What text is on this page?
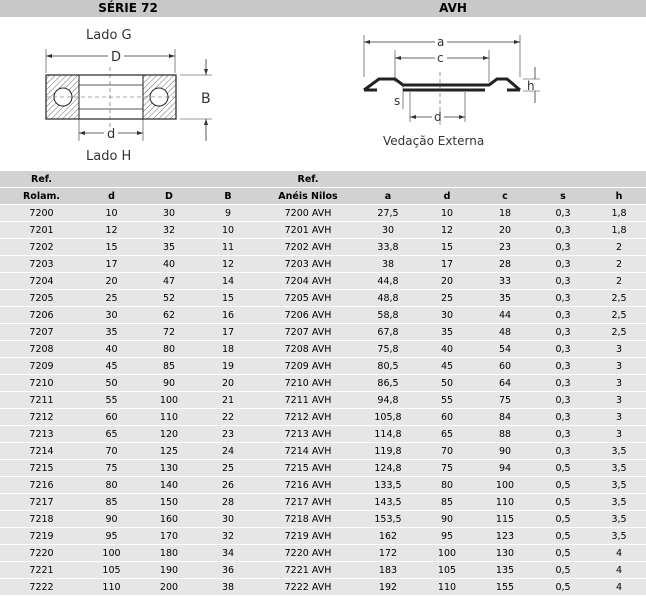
SÉRIE 72	AVH
Lado G
D
B
d
Lado H
a
c
h
s
d
Vedação Externa
Ref.				Ref.					
Rolam.	d	D	B	Anéis Nilos	a	d	c	s	h
7200	10	30	9	7200 AVH	27,5	10	18	0,3	1,8
7201	12	32	10	7201 AVH	30	12	20	0,3	1,8
7202	15	35	11	7202 AVH	33,8	15	23	0,3	2
7203	17	40	12	7203 AVH	38	17	28	0,3	2
7204	20	47	14	7204 AVH	44,8	20	33	0,3	2
7205	25	52	15	7205 AVH	48,8	25	35	0,3	2,5
7206	30	62	16	7206 AVH	58,8	30	44	0,3	2,5
7207	35	72	17	7207 AVH	67,8	35	48	0,3	2,5
7208	40	80	18	7208 AVH	75,8	40	54	0,3	3
7209	45	85	19	7209 AVH	80,5	45	60	0,3	3
7210	50	90	20	7210 AVH	86,5	50	64	0,3	3
7211	55	100	21	7211 AVH	94,8	55	75	0,3	3
7212	60	110	22	7212 AVH	105,8	60	84	0,3	3
7213	65	120	23	7213 AVH	114,8	65	88	0,3	3
7214	70	125	24	7214 AVH	119,8	70	90	0,3	3,5
7215	75	130	25	7215 AVH	124,8	75	94	0,5	3,5
7216	80	140	26	7216 AVH	133,5	80	100	0,5	3,5
7217	85	150	28	7217 AVH	143,5	85	110	0,5	3,5
7218	90	160	30	7218 AVH	153,5	90	115	0,5	3,5
7219	95	170	32	7219 AVH	162	95	123	0,5	3,5
7220	100	180	34	7220 AVH	172	100	130	0,5	4
7221	105	190	36	7221 AVH	183	105	135	0,5	4
7222	110	200	38	7222 AVH	192	110	155	0,5	4
